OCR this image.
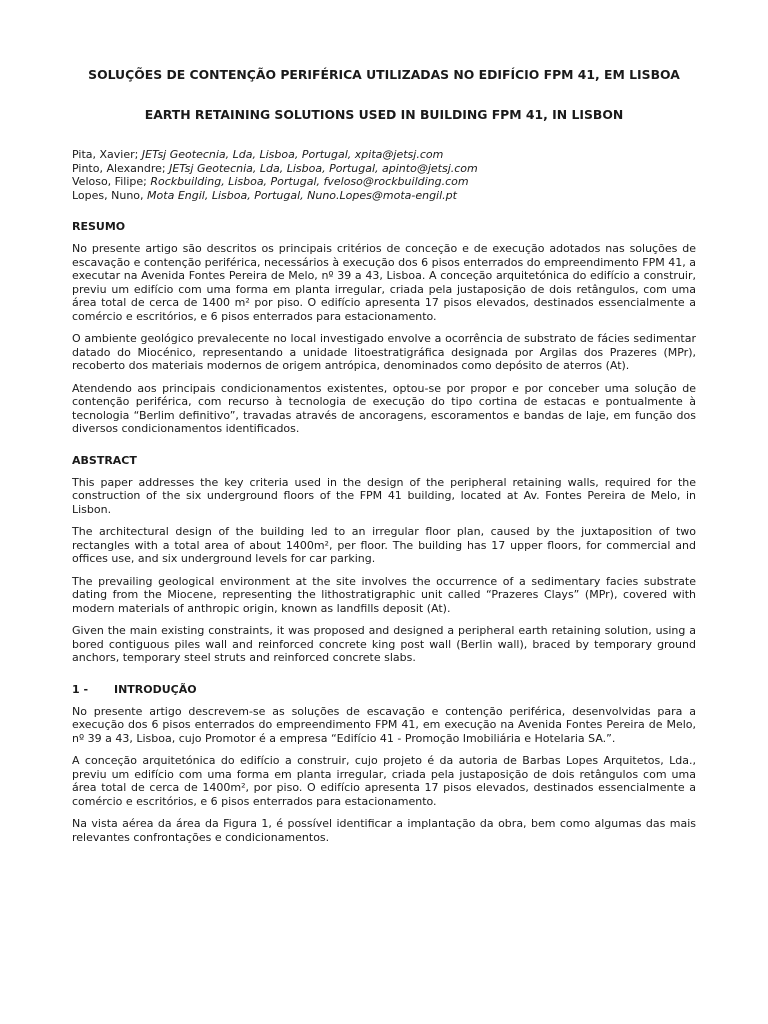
SOLUÇÕES DE CONTENÇÃO PERIFÉRICA UTILIZADAS NO EDIFÍCIO FPM 41, EM LISBOA
EARTH RETAINING SOLUTIONS USED IN BUILDING FPM 41, IN LISBON
Pita, Xavier; JETsj Geotecnia, Lda, Lisboa, Portugal, xpita@jetsj.com
Pinto, Alexandre; JETsj Geotecnia, Lda, Lisboa, Portugal, apinto@jetsj.com
Veloso, Filipe; Rockbuilding, Lisboa, Portugal, fveloso@rockbuilding.com
Lopes, Nuno, Mota Engil, Lisboa, Portugal, Nuno.Lopes@mota-engil.pt
RESUMO

No presente artigo são descritos os principais critérios de conceção e de execução adotados nas soluções de escavação e contenção periférica, necessários à execução dos 6 pisos enterrados do empreendimento FPM 41, a executar na Avenida Fontes Pereira de Melo, nº 39 a 43, Lisboa. A conceção arquitetónica do edifício a construir, previu um edifício com uma forma em planta irregular, criada pela justaposição de dois retângulos, com uma área total de cerca de 1400 m² por piso. O edifício apresenta 17 pisos elevados, destinados essencialmente a comércio e escritórios, e 6 pisos enterrados para estacionamento.

O ambiente geológico prevalecente no local investigado envolve a ocorrência de substrato de fácies sedimentar datado do Miocénico, representando a unidade litoestratigráfica designada por Argilas dos Prazeres (MPr), recoberto dos materiais modernos de origem antrópica, denominados como depósito de aterros (At).

Atendendo aos principais condicionamentos existentes, optou-se por propor e por conceber uma solução de contenção periférica, com recurso à tecnologia de execução do tipo cortina de estacas e pontualmente à tecnologia “Berlim definitivo”, travadas através de ancoragens, escoramentos e bandas de laje, em função dos diversos condicionamentos identificados.

ABSTRACT

This paper addresses the key criteria used in the design of the peripheral retaining walls, required for the construction of the six underground floors of the FPM 41 building, located at Av. Fontes Pereira de Melo, in Lisbon.

The architectural design of the building led to an irregular floor plan, caused by the juxtaposition of two rectangles with a total area of about 1400m², per floor. The building has 17 upper floors, for commercial and offices use, and six underground levels for car parking.

The prevailing geological environment at the site involves the occurrence of a sedimentary facies substrate dating from the Miocene, representing the lithostratigraphic unit called “Prazeres Clays” (MPr), covered with modern materials of anthropic origin, known as landfills deposit (At).

Given the main existing constraints, it was proposed and designed a peripheral earth retaining solution, using a bored contiguous piles wall and reinforced concrete king post wall (Berlin wall), braced by temporary ground anchors, temporary steel struts and reinforced concrete slabs.

1 -	INTRODUÇÃO

No presente artigo descrevem-se as soluções de escavação e contenção periférica, desenvolvidas para a execução dos 6 pisos enterrados do empreendimento FPM 41, em execução na Avenida Fontes Pereira de Melo, nº 39 a 43, Lisboa, cujo Promotor é a empresa “Edifício 41 - Promoção Imobiliária e Hotelaria SA.”.

A conceção arquitetónica do edifício a construir, cujo projeto é da autoria de Barbas Lopes Arquitetos, Lda., previu um edifício com uma forma em planta irregular, criada pela justaposição de dois retângulos com uma área total de cerca de 1400m², por piso. O edifício apresenta 17 pisos elevados, destinados essencialmente a comércio e escritórios, e 6 pisos enterrados para estacionamento.

Na vista aérea da área da Figura 1, é possível identificar a implantação da obra, bem como algumas das mais relevantes confrontações e condicionamentos.
